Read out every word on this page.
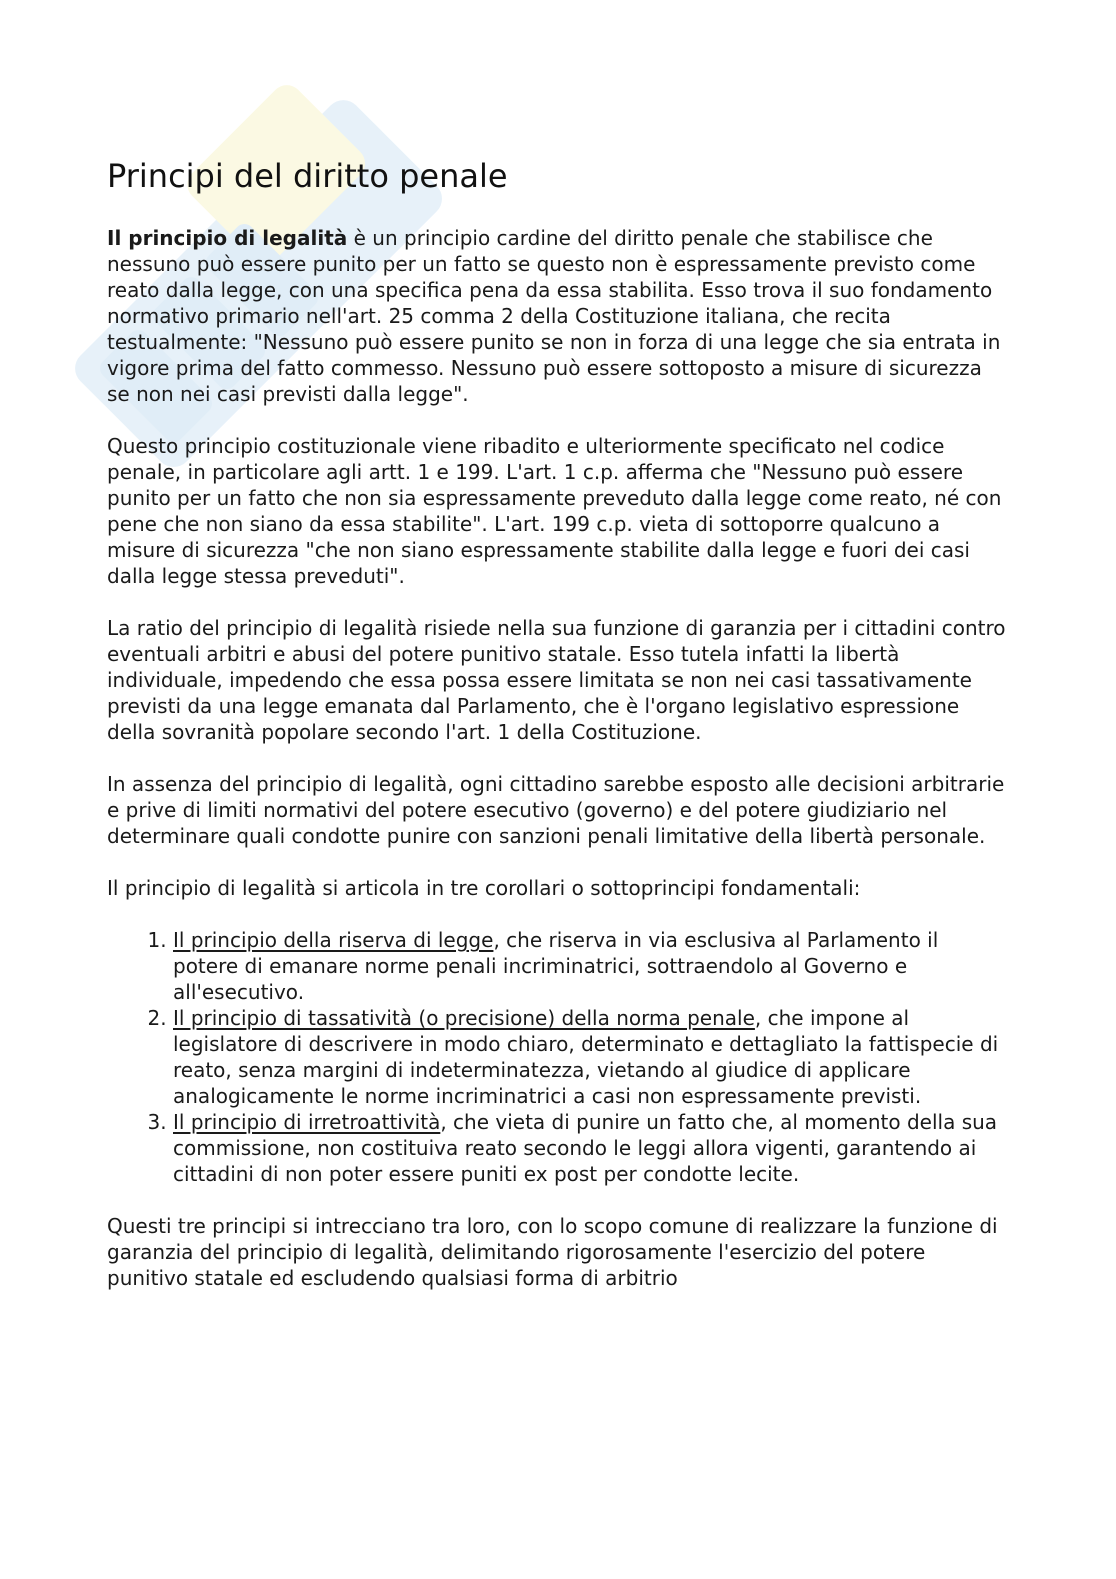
Principi del diritto penale

Il principio di legalità è un principio cardine del diritto penale che stabilisce che nessuno può essere punito per un fatto se questo non è espressamente previsto come reato dalla legge, con una specifica pena da essa stabilita. Esso trova il suo fondamento normativo primario nell'art. 25 comma 2 della Costituzione italiana, che recita testualmente: "Nessuno può essere punito se non in forza di una legge che sia entrata in vigore prima del fatto commesso. Nessuno può essere sottoposto a misure di sicurezza se non nei casi previsti dalla legge".

Questo principio costituzionale viene ribadito e ulteriormente specificato nel codice penale, in particolare agli artt. 1 e 199. L'art. 1 c.p. afferma che "Nessuno può essere punito per un fatto che non sia espressamente preveduto dalla legge come reato, né con pene che non siano da essa stabilite". L'art. 199 c.p. vieta di sottoporre qualcuno a misure di sicurezza "che non siano espressamente stabilite dalla legge e fuori dei casi dalla legge stessa preveduti".

La ratio del principio di legalità risiede nella sua funzione di garanzia per i cittadini contro eventuali arbitri e abusi del potere punitivo statale. Esso tutela infatti la libertà individuale, impedendo che essa possa essere limitata se non nei casi tassativamente previsti da una legge emanata dal Parlamento, che è l'organo legislativo espressione della sovranità popolare secondo l'art. 1 della Costituzione.

In assenza del principio di legalità, ogni cittadino sarebbe esposto alle decisioni arbitrarie e prive di limiti normativi del potere esecutivo (governo) e del potere giudiziario nel determinare quali condotte punire con sanzioni penali limitative della libertà personale.

Il principio di legalità si articola in tre corollari o sottoprincipi fondamentali:

1. Il principio della riserva di legge, che riserva in via esclusiva al Parlamento il potere di emanare norme penali incriminatrici, sottraendolo al Governo e all'esecutivo.
2. Il principio di tassatività (o precisione) della norma penale, che impone al legislatore di descrivere in modo chiaro, determinato e dettagliato la fattispecie di reato, senza margini di indeterminatezza, vietando al giudice di applicare analogicamente le norme incriminatrici a casi non espressamente previsti.
3. Il principio di irretroattività, che vieta di punire un fatto che, al momento della sua commissione, non costituiva reato secondo le leggi allora vigenti, garantendo ai cittadini di non poter essere puniti ex post per condotte lecite.

Questi tre principi si intrecciano tra loro, con lo scopo comune di realizzare la funzione di garanzia del principio di legalità, delimitando rigorosamente l'esercizio del potere punitivo statale ed escludendo qualsiasi forma di arbitrio
